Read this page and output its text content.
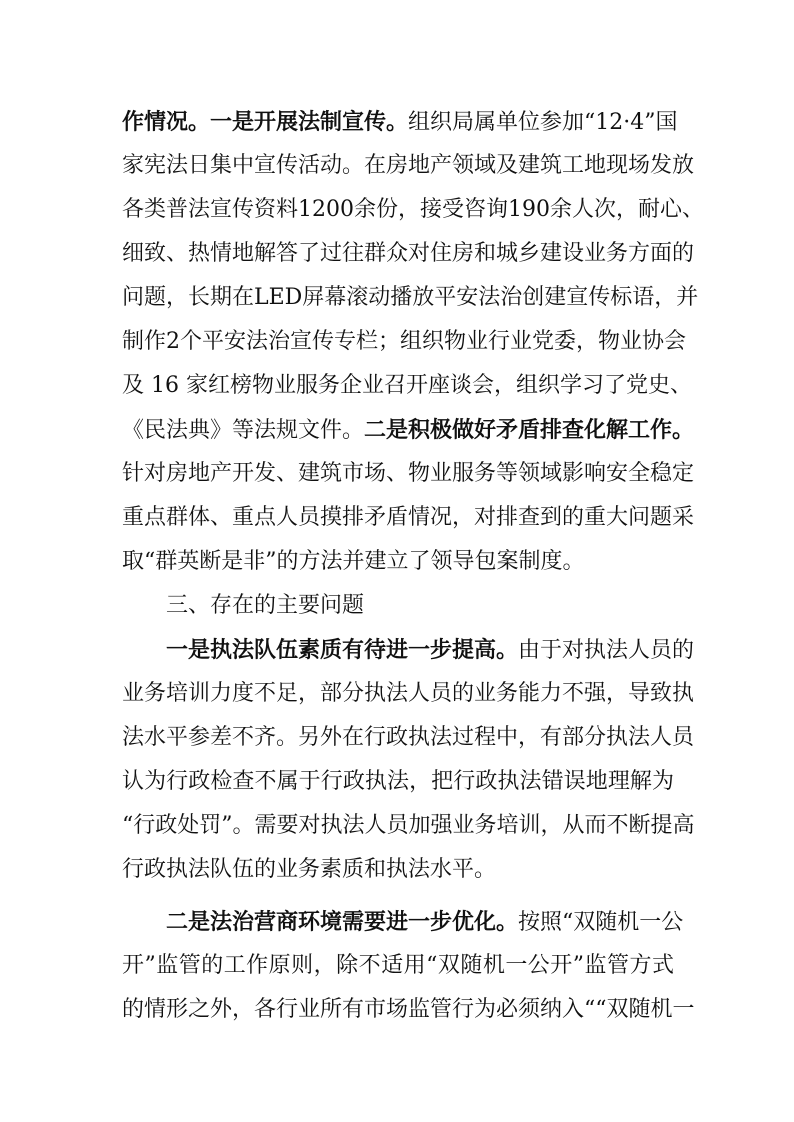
作情况。一是开展法制宣传。组织局属单位参加“12·4”国
家宪法日集中宣传活动。在房地产领域及建筑工地现场发放
各类普法宣传资料1200余份，接受咨询190余人次，耐心、
细致、热情地解答了过往群众对住房和城乡建设业务方面的
问题，长期在LED屏幕滚动播放平安法治创建宣传标语，并
制作2个平安法治宣传专栏；组织物业行业党委，物业协会
及 16 家红榜物业服务企业召开座谈会，组织学习了党史、
《民法典》等法规文件。二是积极做好矛盾排查化解工作。
针对房地产开发、建筑市场、物业服务等领域影响安全稳定
重点群体、重点人员摸排矛盾情况，对排查到的重大问题采
取“群英断是非”的方法并建立了领导包案制度。
三、存在的主要问题
一是执法队伍素质有待进一步提高。由于对执法人员的
业务培训力度不足，部分执法人员的业务能力不强，导致执
法水平参差不齐。另外在行政执法过程中，有部分执法人员
认为行政检查不属于行政执法，把行政执法错误地理解为
“行政处罚”。需要对执法人员加强业务培训，从而不断提高
行政执法队伍的业务素质和执法水平。
二是法治营商环境需要进一步优化。按照“双随机一公
开”监管的工作原则，除不适用“双随机一公开”监管方式
的情形之外，各行业所有市场监管行为必须纳入““双随机一
